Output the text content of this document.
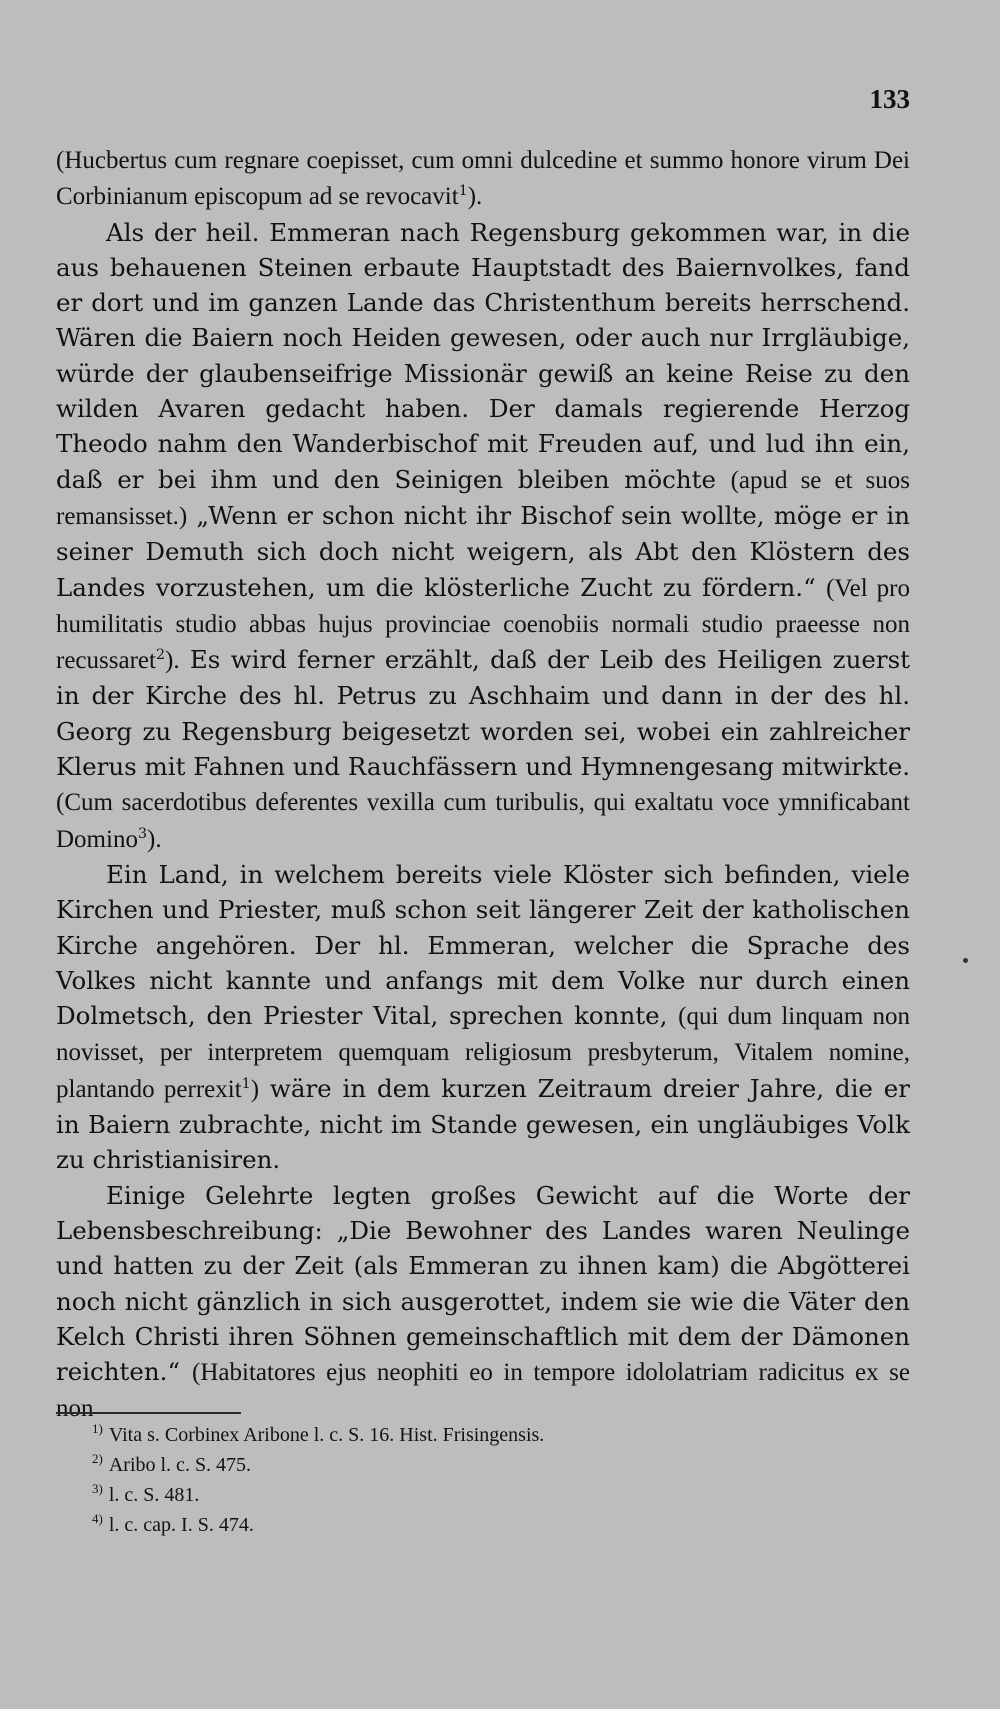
133

(Hucbertus cum regnare coepisset, cum omni dulcedine et summo honore virum Dei Corbinianum episcopum ad se revocavit$^1$).

Als der heil. Emmeran nach Regensburg gekommen war, in die aus behauenen Steinen erbaute Hauptstadt des Baiernvolkes, fand er dort und im ganzen Lande das Christenthum bereits herrschend. Wären die Baiern noch Heiden gewesen, oder auch nur Irrgläubige, würde der glaubenseifrige Missionär gewiß an keine Reise zu den wilden Avaren gedacht haben. Der damals regierende Herzog Theodo nahm den Wanderbischof mit Freuden auf, und lud ihn ein, daß er bei ihm und den Seinigen bleiben möchte (apud se et suos remansisset.) „Wenn er schon nicht ihr Bischof sein wollte, möge er in seiner Demuth sich doch nicht weigern, als Abt den Klöstern des Landes vorzustehen, um die klösterliche Zucht zu fördern.“ (Vel pro humilitatis studio abbas hujus provinciae coenobiis normali studio praeesse non recussaret$^2$). Es wird ferner erzählt, daß der Leib des Heiligen zuerst in der Kirche des hl. Petrus zu Aschhaim und dann in der des hl. Georg zu Regensburg beigesetzt worden sei, wobei ein zahlreicher Klerus mit Fahnen und Rauchfässern und Hymnengesang mitwirkte. (Cum sacerdotibus deferentes vexilla cum turibulis, qui exaltatu voce ymnificabant Domino$^3$).

Ein Land, in welchem bereits viele Klöster sich befinden, viele Kirchen und Priester, muß schon seit längerer Zeit der katholischen Kirche angehören. Der hl. Emmeran, welcher die Sprache des Volkes nicht kannte und anfangs mit dem Volke nur durch einen Dolmetsch, den Priester Vital, sprechen konnte, (qui dum linquam non novisset, per interpretem quemquam religiosum presbyterum, Vitalem nomine, plantando perrexit$^1$) wäre in dem kurzen Zeitraum dreier Jahre, die er in Baiern zubrachte, nicht im Stande gewesen, ein ungläubiges Volk zu christianisiren.

Einige Gelehrte legten großes Gewicht auf die Worte der Lebensbeschreibung: „Die Bewohner des Landes waren Neulinge und hatten zu der Zeit (als Emmeran zu ihnen kam) die Abgötterei noch nicht gänzlich in sich ausgerottet, indem sie wie die Väter den Kelch Christi ihren Söhnen gemeinschaftlich mit dem der Dämonen reichten.“ (Habitatores ejus neophiti eo in tempore idololatriam radicitus ex se non

$^{1)}$ Vita s. Corbinex Aribone l. c. S. 16. Hist. Frisingensis.

$^{2)}$ Aribo l. c. S. 475.

$^{3)}$ l. c. S. 481.

$^{4)}$ l. c. cap. I. S. 474.
